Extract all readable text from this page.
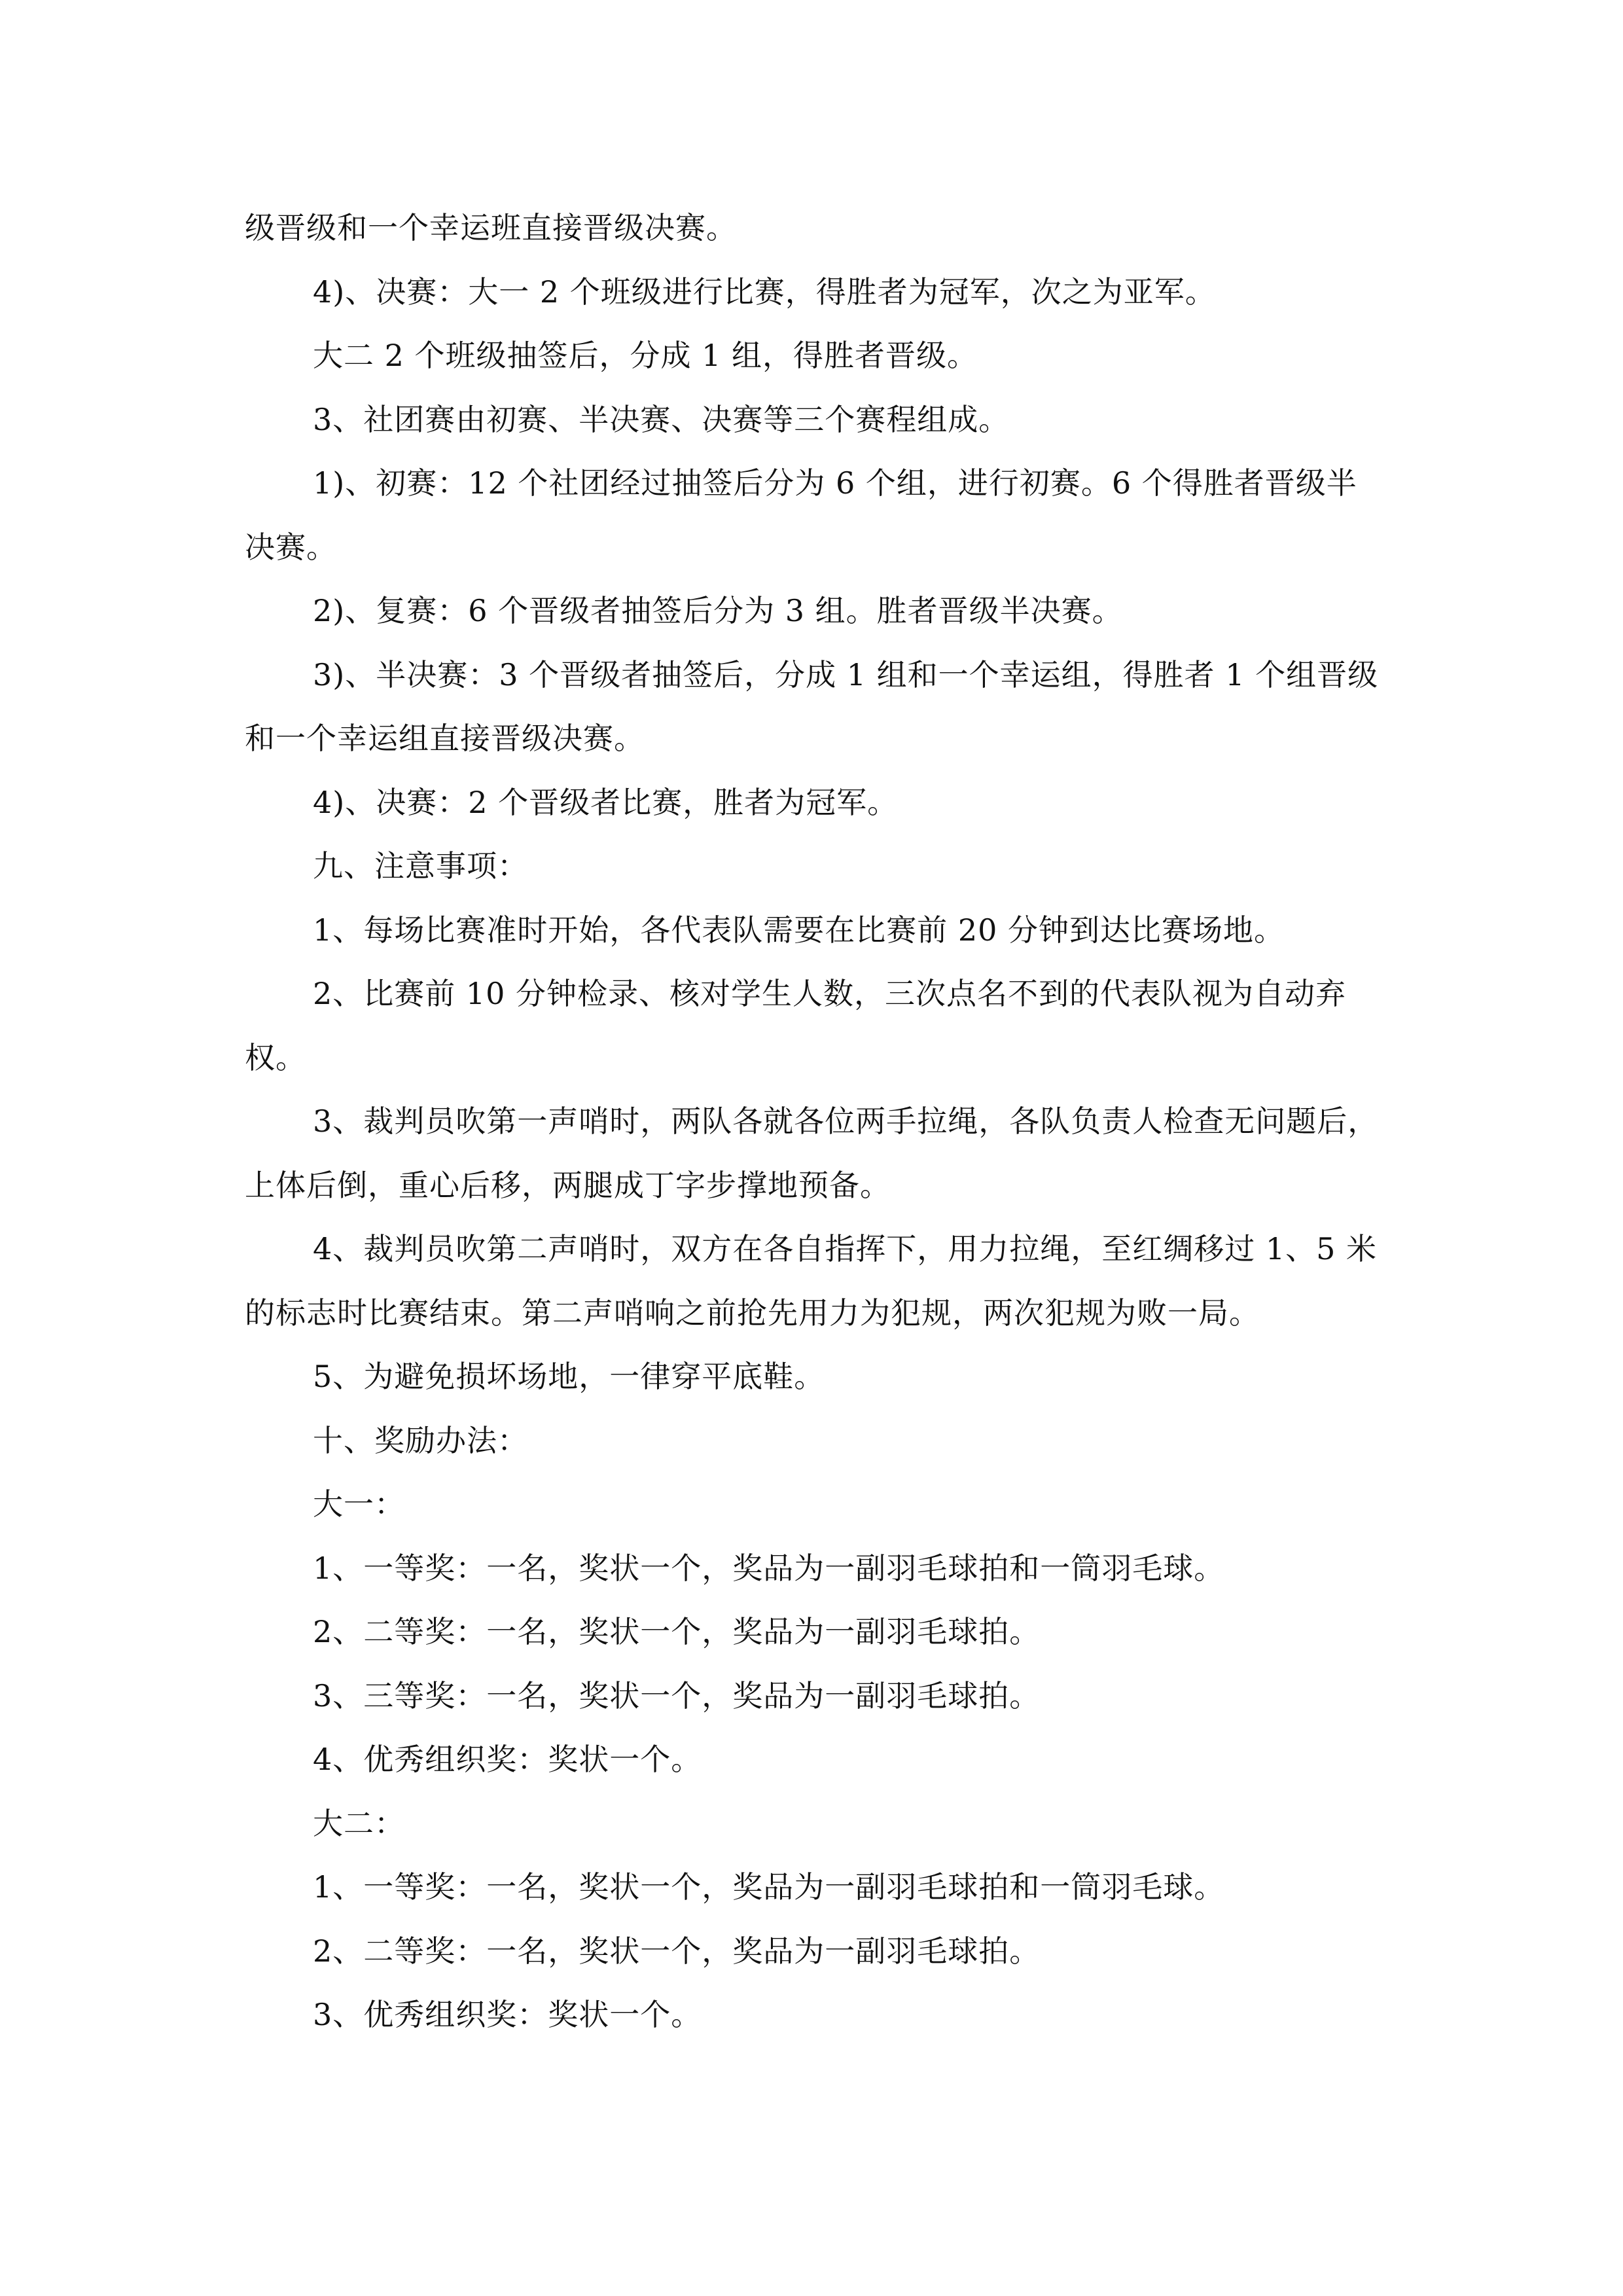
级晋级和一个幸运班直接晋级决赛。

4)、决赛：大一 2 个班级进行比赛，得胜者为冠军，次之为亚军。

大二 2 个班级抽签后，分成 1 组，得胜者晋级。

3、社团赛由初赛、半决赛、决赛等三个赛程组成。

1)、初赛：12 个社团经过抽签后分为 6 个组，进行初赛。6 个得胜者晋级半决赛。

2)、复赛：6 个晋级者抽签后分为 3 组。胜者晋级半决赛。

3)、半决赛：3 个晋级者抽签后，分成 1 组和一个幸运组，得胜者 1 个组晋级和一个幸运组直接晋级决赛。

4)、决赛：2 个晋级者比赛，胜者为冠军。

九、注意事项：

1、每场比赛准时开始，各代表队需要在比赛前 20 分钟到达比赛场地。

2、比赛前 10 分钟检录、核对学生人数，三次点名不到的代表队视为自动弃权。

3、裁判员吹第一声哨时，两队各就各位两手拉绳，各队负责人检查无问题后，上体后倒，重心后移，两腿成丁字步撑地预备。

4、裁判员吹第二声哨时，双方在各自指挥下，用力拉绳，至红绸移过 1、5 米的标志时比赛结束。第二声哨响之前抢先用力为犯规，两次犯规为败一局。

5、为避免损坏场地，一律穿平底鞋。

十、奖励办法：

大一：

1、一等奖：一名，奖状一个，奖品为一副羽毛球拍和一筒羽毛球。

2、二等奖：一名，奖状一个，奖品为一副羽毛球拍。

3、三等奖：一名，奖状一个，奖品为一副羽毛球拍。

4、优秀组织奖：奖状一个。

大二：

1、一等奖：一名，奖状一个，奖品为一副羽毛球拍和一筒羽毛球。

2、二等奖：一名，奖状一个，奖品为一副羽毛球拍。

3、优秀组织奖：奖状一个。
